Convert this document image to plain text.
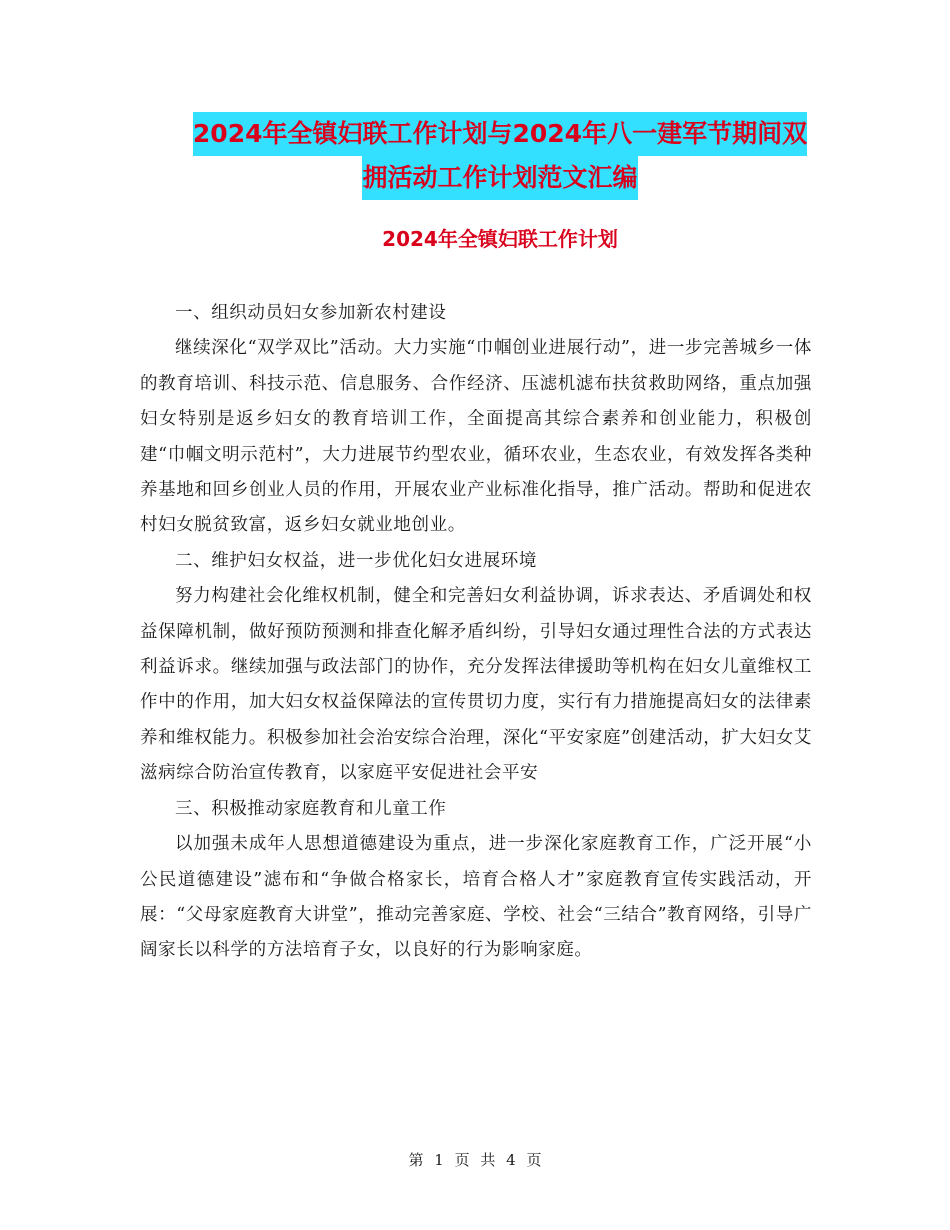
2024年全镇妇联工作计划与2024年八一建军节期间双
拥活动工作计划范文汇编
2024年全镇妇联工作计划

一、组织动员妇女参加新农村建设

继续深化“双学双比”活动。大力实施“巾帼创业进展行动”，进一步完善城乡一体的教育培训、科技示范、信息服务、合作经济、压滤机滤布扶贫救助网络，重点加强妇女特别是返乡妇女的教育培训工作，全面提高其综合素养和创业能力，积极创建“巾帼文明示范村”，大力进展节约型农业，循环农业，生态农业，有效发挥各类种养基地和回乡创业人员的作用，开展农业产业标准化指导，推广活动。帮助和促进农村妇女脱贫致富，返乡妇女就业地创业。

二、维护妇女权益，进一步优化妇女进展环境

努力构建社会化维权机制，健全和完善妇女利益协调，诉求表达、矛盾调处和权益保障机制，做好预防预测和排查化解矛盾纠纷，引导妇女通过理性合法的方式表达利益诉求。继续加强与政法部门的协作，充分发挥法律援助等机构在妇女儿童维权工作中的作用，加大妇女权益保障法的宣传贯切力度，实行有力措施提高妇女的法律素养和维权能力。积极参加社会治安综合治理，深化“平安家庭”创建活动，扩大妇女艾滋病综合防治宣传教育，以家庭平安促进社会平安

三、积极推动家庭教育和儿童工作

以加强未成年人思想道德建设为重点，进一步深化家庭教育工作，广泛开展“小公民道德建设”滤布和“争做合格家长，培育合格人才”家庭教育宣传实践活动，开展：“父母家庭教育大讲堂”，推动完善家庭、学校、社会“三结合”教育网络，引导广阔家长以科学的方法培育子女，以良好的行为影响家庭。

第 1 页 共 4 页
